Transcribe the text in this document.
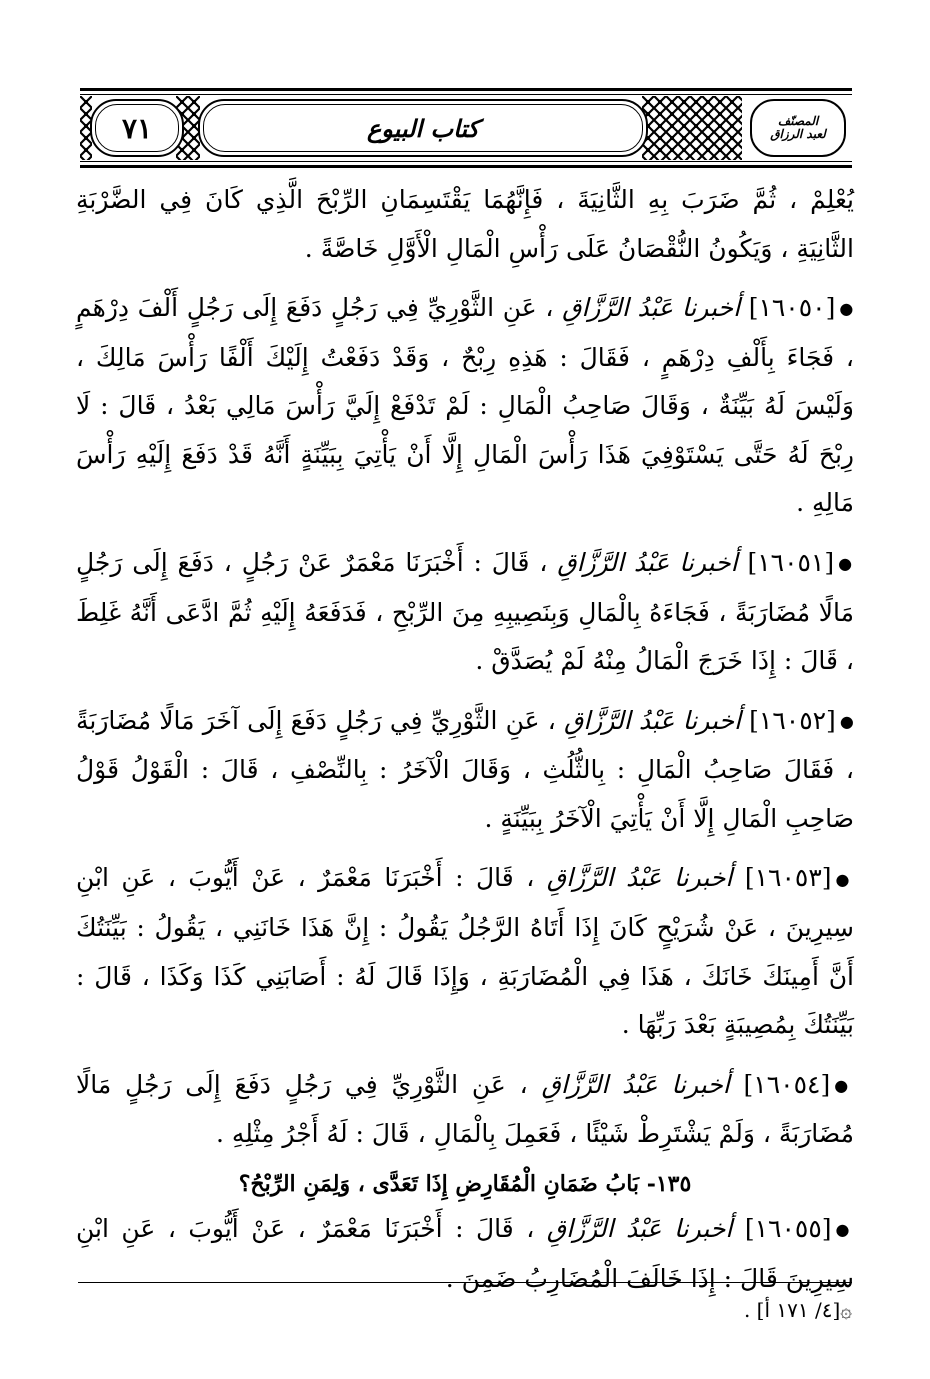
٧١	كتاب البيوع	المصنّف
لعبد الرزاق

يُعْلِمْ ، ثُمَّ ضَرَبَ بِهِ الثَّانِيَةَ ، فَإِنَّهُمَا يَقْتَسِمَانِ الرِّبْحَ الَّذِي كَانَ فِي الضَّرْبَةِ الثَّانِيَةِ ، وَيَكُونُ النُّقْصَانُ عَلَى رَأْسِ الْمَالِ الْأَوَّلِ خَاصَّةً .

●[١٦٠٥٠] أخبرنا عَبْدُ الرَّزَّاقِ ، عَنِ الثَّوْرِيِّ فِي رَجُلٍ دَفَعَ إِلَى رَجُلٍ أَلْفَ دِرْهَمٍ ، فَجَاءَ بِأَلْفِ دِرْهَمٍ ، فَقَالَ : هَذِهِ رِبْحٌ ، وَقَدْ دَفَعْتُ إِلَيْكَ أَلْفًا رَأْسَ مَالِكَ ، وَلَيْسَ لَهُ بَيِّنَةٌ ، وَقَالَ صَاحِبُ الْمَالِ : لَمْ تَدْفَعْ إِلَيَّ رَأْسَ مَالِي بَعْدُ ، قَالَ : لَا رِبْحَ لَهُ حَتَّى يَسْتَوْفِيَ هَذَا رَأْسَ الْمَالِ إِلَّا أَنْ يَأْتِيَ بِبَيِّنَةٍ أَنَّهُ قَدْ دَفَعَ إِلَيْهِ رَأْسَ مَالِهِ .

●[١٦٠٥١] أخبرنا عَبْدُ الرَّزَّاقِ ، قَالَ : أَخْبَرَنَا مَعْمَرٌ عَنْ رَجُلٍ ، دَفَعَ إِلَى رَجُلٍ مَالًا مُضَارَبَةً ، فَجَاءَهُ بِالْمَالِ وَبِنَصِيبِهِ مِنَ الرِّبْحِ ، فَدَفَعَهُ إِلَيْهِ ثُمَّ ادَّعَى أَنَّهُ غَلِطَ ، قَالَ : إِذَا خَرَجَ الْمَالُ مِنْهُ لَمْ يُصَدَّقْ .

●[١٦٠٥٢] أخبرنا عَبْدُ الرَّزَّاقِ ، عَنِ الثَّوْرِيِّ فِي رَجُلٍ دَفَعَ إِلَى آخَرَ مَالًا مُضَارَبَةً ، فَقَالَ صَاحِبُ الْمَالِ : بِالثُّلُثِ ، وَقَالَ الْآخَرُ : بِالنِّصْفِ ، قَالَ : الْقَوْلُ قَوْلُ صَاحِبِ الْمَالِ إِلَّا أَنْ يَأْتِيَ الْآخَرُ بِبَيِّنَةٍ .

●[١٦٠٥٣] أخبرنا عَبْدُ الرَّزَّاقِ ، قَالَ : أَخْبَرَنَا مَعْمَرٌ ، عَنْ أَيُّوبَ ، عَنِ ابْنِ سِيرِينَ ، عَنْ شُرَيْحٍ كَانَ إِذَا أَتَاهُ الرَّجُلُ يَقُولُ : إِنَّ هَذَا خَانَنِي ، يَقُولُ : بَيِّنَتُكَ أَنَّ أَمِينَكَ خَانَكَ ، هَذَا فِي الْمُضَارَبَةِ ، وَإِذَا قَالَ لَهُ : أَصَابَنِي كَذَا وَكَذَا ، قَالَ : بَيِّنَتُكَ بِمُصِيبَةٍ بَعْدَ رَبِّهَا .

●[١٦٠٥٤] أخبرنا عَبْدُ الرَّزَّاقِ ، عَنِ الثَّوْرِيِّ فِي رَجُلٍ دَفَعَ إِلَى رَجُلٍ مَالًا مُضَارَبَةً ، وَلَمْ يَشْتَرِطْ شَيْئًا ، فَعَمِلَ بِالْمَالِ ، قَالَ : لَهُ أَجْرُ مِثْلِهِ .

١٣٥- بَابُ ضَمَانِ الْمُقَارِضِ إِذَا تَعَدَّى ، وَلِمَنِ الرِّبْحُ؟

●[١٦٠٥٥] أخبرنا عَبْدُ الرَّزَّاقِ ، قَالَ : أَخْبَرَنَا مَعْمَرٌ ، عَنْ أَيُّوبَ ، عَنِ ابْنِ سِيرِينَ قَالَ : إِذَا خَالَفَ الْمُضَارِبُ ضَمِنَ .

۞[٤/ ١٧١ أ] .
